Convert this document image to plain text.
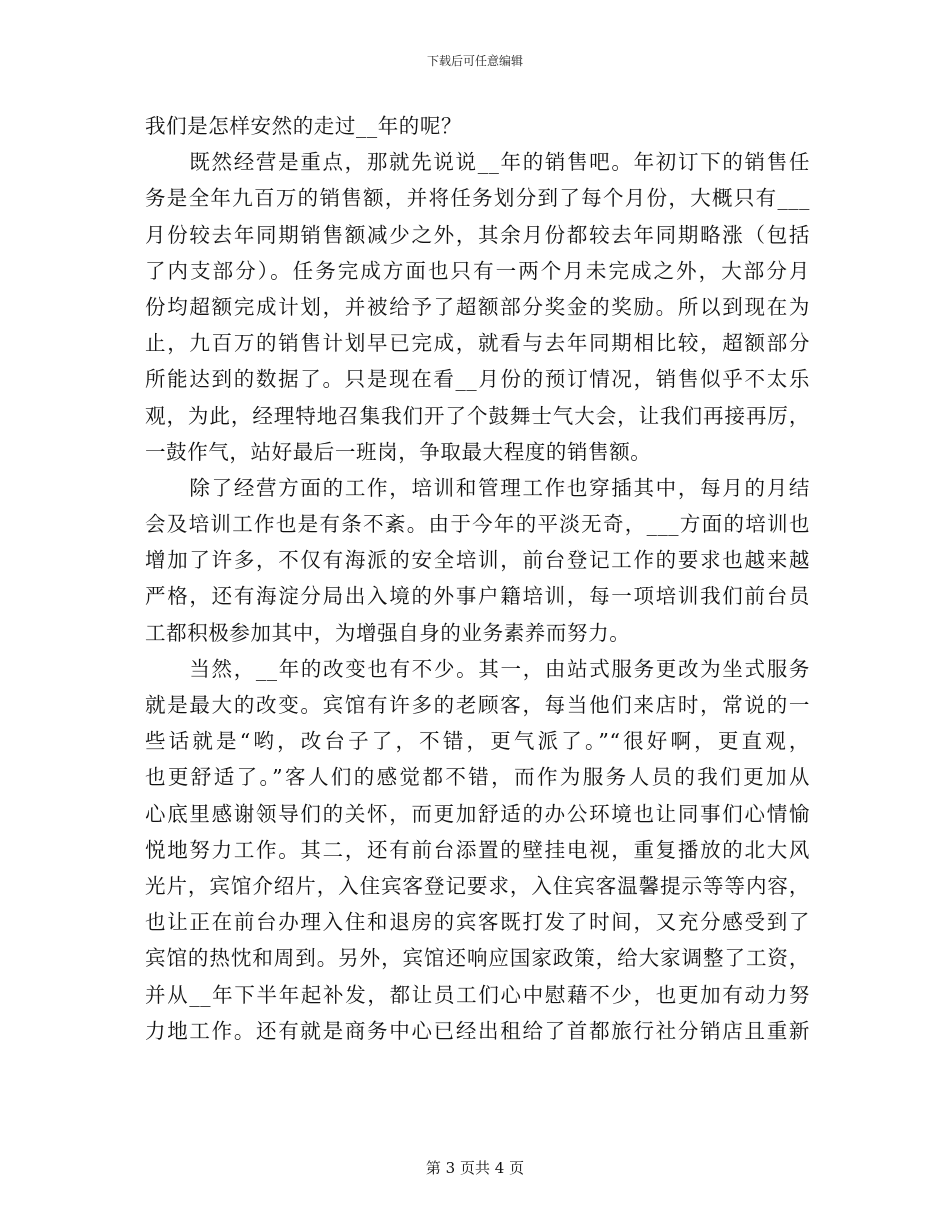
下载后可任意编辑
我们是怎样安然的走过__年的呢？
　　既然经营是重点，那就先说说__年的销售吧。年初订下的销售任
务是全年九百万的销售额，并将任务划分到了每个月份，大概只有___
月份较去年同期销售额减少之外，其余月份都较去年同期略涨（包括
了内支部分）。任务完成方面也只有一两个月未完成之外，大部分月
份均超额完成计划，并被给予了超额部分奖金的奖励。所以到现在为
止，九百万的销售计划早已完成，就看与去年同期相比较，超额部分
所能达到的数据了。只是现在看__月份的预订情况，销售似乎不太乐
观，为此，经理特地召集我们开了个鼓舞士气大会，让我们再接再厉，
一鼓作气，站好最后一班岗，争取最大程度的销售额。
　　除了经营方面的工作，培训和管理工作也穿插其中，每月的月结
会及培训工作也是有条不紊。由于今年的平淡无奇，___方面的培训也
增加了许多，不仅有海派的安全培训，前台登记工作的要求也越来越
严格，还有海淀分局出入境的外事户籍培训，每一项培训我们前台员
工都积极参加其中，为增强自身的业务素养而努力。
　　当然，__年的改变也有不少。其一，由站式服务更改为坐式服务
就是最大的改变。宾馆有许多的老顾客，每当他们来店时，常说的一
些话就是“哟，改台子了，不错，更气派了。”“很好啊，更直观，
也更舒适了。”客人们的感觉都不错，而作为服务人员的我们更加从
心底里感谢领导们的关怀，而更加舒适的办公环境也让同事们心情愉
悦地努力工作。其二，还有前台添置的壁挂电视，重复播放的北大风
光片，宾馆介绍片，入住宾客登记要求，入住宾客温馨提示等等内容，
也让正在前台办理入住和退房的宾客既打发了时间，又充分感受到了
宾馆的热忱和周到。另外，宾馆还响应国家政策，给大家调整了工资，
并从__年下半年起补发，都让员工们心中慰藉不少，也更加有动力努
力地工作。还有就是商务中心已经出租给了首都旅行社分销店且重新
第 3 页共 4 页
